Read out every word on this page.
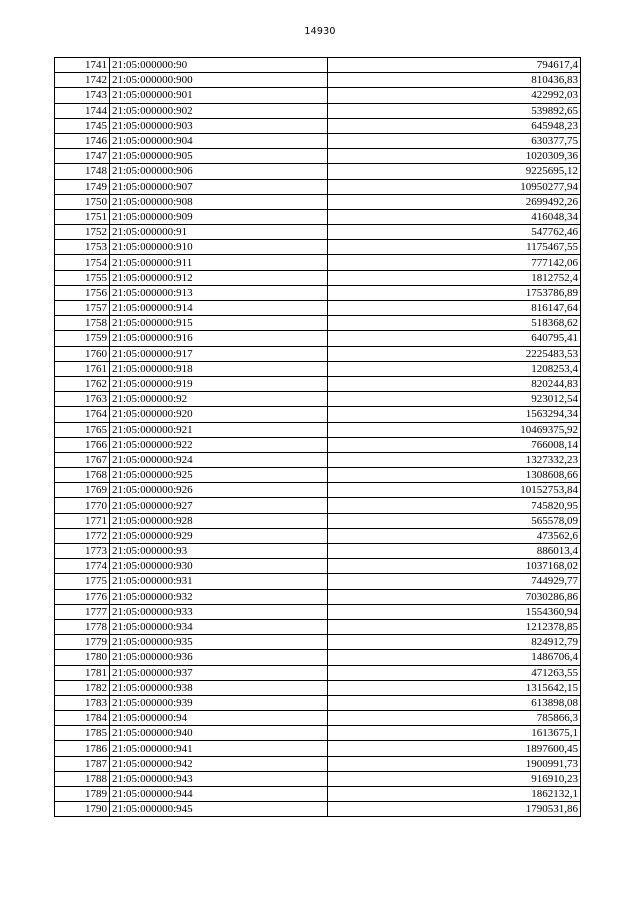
14930
1741	21:05:000000:90	794617,4
1742	21:05:000000:900	810436,83
1743	21:05:000000:901	422992,03
1744	21:05:000000:902	539892,65
1745	21:05:000000:903	645948,23
1746	21:05:000000:904	630377,75
1747	21:05:000000:905	1020309,36
1748	21:05:000000:906	9225695,12
1749	21:05:000000:907	10950277,94
1750	21:05:000000:908	2699492,26
1751	21:05:000000:909	416048,34
1752	21:05:000000:91	547762,46
1753	21:05:000000:910	1175467,55
1754	21:05:000000:911	777142,06
1755	21:05:000000:912	1812752,4
1756	21:05:000000:913	1753786,89
1757	21:05:000000:914	816147,64
1758	21:05:000000:915	518368,62
1759	21:05:000000:916	640795,41
1760	21:05:000000:917	2225483,53
1761	21:05:000000:918	1208253,4
1762	21:05:000000:919	820244,83
1763	21:05:000000:92	923012,54
1764	21:05:000000:920	1563294,34
1765	21:05:000000:921	10469375,92
1766	21:05:000000:922	766008,14
1767	21:05:000000:924	1327332,23
1768	21:05:000000:925	1308608,66
1769	21:05:000000:926	10152753,84
1770	21:05:000000:927	745820,95
1771	21:05:000000:928	565578,09
1772	21:05:000000:929	473562,6
1773	21:05:000000:93	886013,4
1774	21:05:000000:930	1037168,02
1775	21:05:000000:931	744929,77
1776	21:05:000000:932	7030286,86
1777	21:05:000000:933	1554360,94
1778	21:05:000000:934	1212378,85
1779	21:05:000000:935	824912,79
1780	21:05:000000:936	1486706,4
1781	21:05:000000:937	471263,55
1782	21:05:000000:938	1315642,15
1783	21:05:000000:939	613898,08
1784	21:05:000000:94	785866,3
1785	21:05:000000:940	1613675,1
1786	21:05:000000:941	1897600,45
1787	21:05:000000:942	1900991,73
1788	21:05:000000:943	916910,23
1789	21:05:000000:944	1862132,1
1790	21:05:000000:945	1790531,86
